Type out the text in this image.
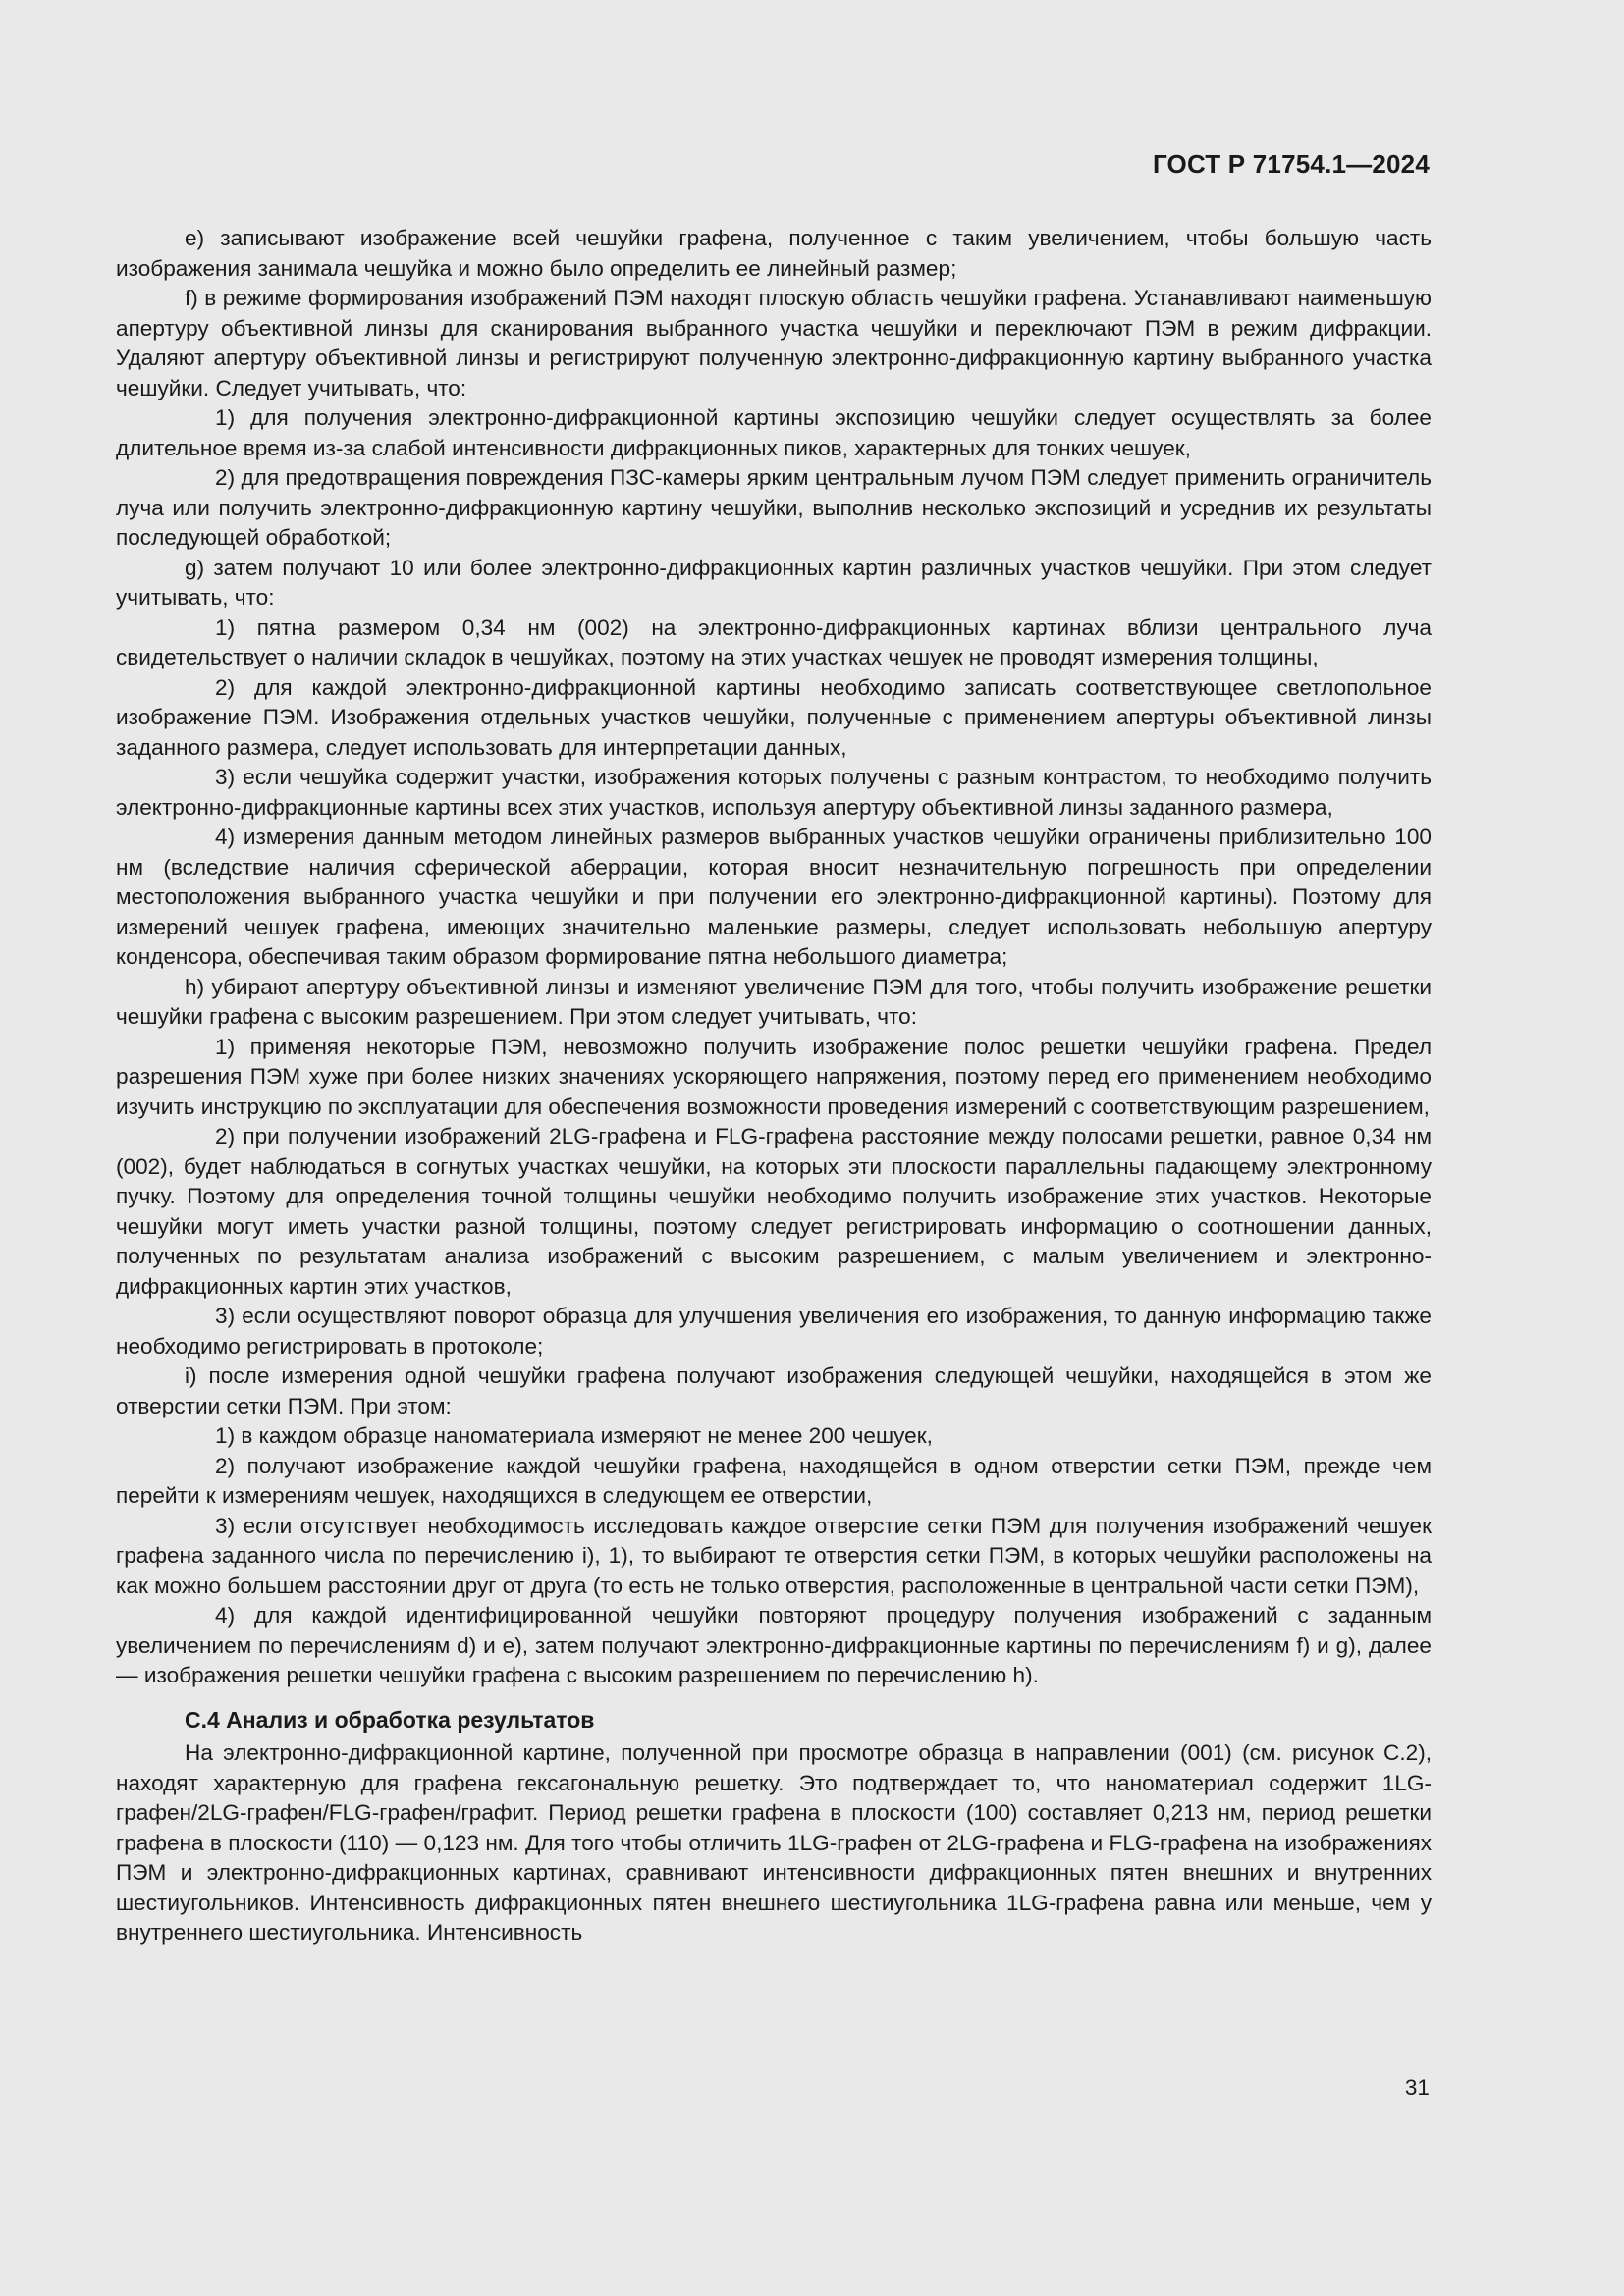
ГОСТ Р 71754.1—2024

e) записывают изображение всей чешуйки графена, полученное с таким увеличением, чтобы большую часть изображения занимала чешуйка и можно было определить ее линейный размер;

f) в режиме формирования изображений ПЭМ находят плоскую область чешуйки графена. Устанавливают наименьшую апертуру объективной линзы для сканирования выбранного участка чешуйки и переключают ПЭМ в режим дифракции. Удаляют апертуру объективной линзы и регистрируют полученную электронно-дифракционную картину выбранного участка чешуйки. Следует учитывать, что:

1) для получения электронно-дифракционной картины экспозицию чешуйки следует осуществлять за более длительное время из-за слабой интенсивности дифракционных пиков, характерных для тонких чешуек,

2) для предотвращения повреждения ПЗС-камеры ярким центральным лучом ПЭМ следует применить ограничитель луча или получить электронно-дифракционную картину чешуйки, выполнив несколько экспозиций и усреднив их результаты последующей обработкой;

g) затем получают 10 или более электронно-дифракционных картин различных участков чешуйки. При этом следует учитывать, что:

1) пятна размером 0,34 нм (002) на электронно-дифракционных картинах вблизи центрального луча свидетельствует о наличии складок в чешуйках, поэтому на этих участках чешуек не проводят измерения толщины,

2) для каждой электронно-дифракционной картины необходимо записать соответствующее светлопольное изображение ПЭМ. Изображения отдельных участков чешуйки, полученные с применением апертуры объективной линзы заданного размера, следует использовать для интерпретации данных,

3) если чешуйка содержит участки, изображения которых получены с разным контрастом, то необходимо получить электронно-дифракционные картины всех этих участков, используя апертуру объективной линзы заданного размера,

4) измерения данным методом линейных размеров выбранных участков чешуйки ограничены приблизительно 100 нм (вследствие наличия сферической аберрации, которая вносит незначительную погрешность при определении местоположения выбранного участка чешуйки и при получении его электронно-дифракционной картины). Поэтому для измерений чешуек графена, имеющих значительно маленькие размеры, следует использовать небольшую апертуру конденсора, обеспечивая таким образом формирование пятна небольшого диаметра;

h) убирают апертуру объективной линзы и изменяют увеличение ПЭМ для того, чтобы получить изображение решетки чешуйки графена с высоким разрешением. При этом следует учитывать, что:

1) применяя некоторые ПЭМ, невозможно получить изображение полос решетки чешуйки графена. Предел разрешения ПЭМ хуже при более низких значениях ускоряющего напряжения, поэтому перед его применением необходимо изучить инструкцию по эксплуатации для обеспечения возможности проведения измерений с соответствующим разрешением,

2) при получении изображений 2LG-графена и FLG-графена расстояние между полосами решетки, равное 0,34 нм (002), будет наблюдаться в согнутых участках чешуйки, на которых эти плоскости параллельны падающему электронному пучку. Поэтому для определения точной толщины чешуйки необходимо получить изображение этих участков. Некоторые чешуйки могут иметь участки разной толщины, поэтому следует регистрировать информацию о соотношении данных, полученных по результатам анализа изображений с высоким разрешением, с малым увеличением и электронно-дифракционных картин этих участков,

3) если осуществляют поворот образца для улучшения увеличения его изображения, то данную информацию также необходимо регистрировать в протоколе;

i) после измерения одной чешуйки графена получают изображения следующей чешуйки, находящейся в этом же отверстии сетки ПЭМ. При этом:

1) в каждом образце наноматериала измеряют не менее 200 чешуек,

2) получают изображение каждой чешуйки графена, находящейся в одном отверстии сетки ПЭМ, прежде чем перейти к измерениям чешуек, находящихся в следующем ее отверстии,

3) если отсутствует необходимость исследовать каждое отверстие сетки ПЭМ для получения изображений чешуек графена заданного числа по перечислению i), 1), то выбирают те отверстия сетки ПЭМ, в которых чешуйки расположены на как можно большем расстоянии друг от друга (то есть не только отверстия, расположенные в центральной части сетки ПЭМ),

4) для каждой идентифицированной чешуйки повторяют процедуру получения изображений с заданным увеличением по перечислениям d) и e), затем получают электронно-дифракционные картины по перечислениям f) и g), далее — изображения решетки чешуйки графена с высоким разрешением по перечислению h).

С.4 Анализ и обработка результатов

На электронно-дифракционной картине, полученной при просмотре образца в направлении (001) (см. рисунок С.2), находят характерную для графена гексагональную решетку. Это подтверждает то, что наноматериал содержит 1LG-графен/2LG-графен/FLG-графен/графит. Период решетки графена в плоскости (100) составляет 0,213 нм, период решетки графена в плоскости (110) — 0,123 нм. Для того чтобы отличить 1LG-графен от 2LG-графена и FLG-графена на изображениях ПЭМ и электронно-дифракционных картинах, сравнивают интенсивности дифракционных пятен внешних и внутренних шестиугольников. Интенсивность дифракционных пятен внешнего шестиугольника 1LG-графена равна или меньше, чем у внутреннего шестиугольника. Интенсивность

31
